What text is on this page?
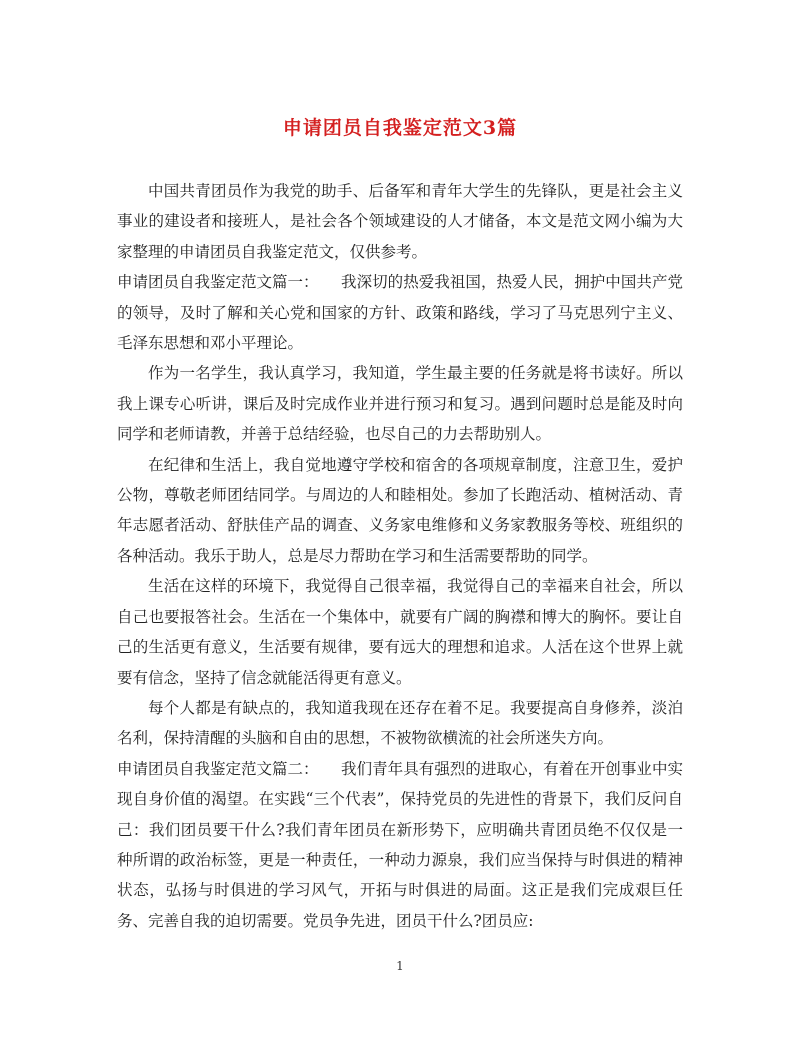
申请团员自我鉴定范文3篇

中国共青团员作为我党的助手、后备军和青年大学生的先锋队，更是社会主义事业的建设者和接班人，是社会各个领域建设的人才储备，本文是范文网小编为大家整理的申请团员自我鉴定范文，仅供参考。

申请团员自我鉴定范文篇一： 我深切的热爱我祖国，热爱人民，拥护中国共产党的领导，及时了解和关心党和国家的方针、政策和路线，学习了马克思列宁主义、毛泽东思想和邓小平理论。

作为一名学生，我认真学习，我知道，学生最主要的任务就是将书读好。所以我上课专心听讲，课后及时完成作业并进行预习和复习。遇到问题时总是能及时向同学和老师请教，并善于总结经验，也尽自己的力去帮助别人。

在纪律和生活上，我自觉地遵守学校和宿舍的各项规章制度，注意卫生，爱护公物，尊敬老师团结同学。与周边的人和睦相处。参加了长跑活动、植树活动、青年志愿者活动、舒肤佳产品的调查、义务家电维修和义务家教服务等校、班组织的各种活动。我乐于助人，总是尽力帮助在学习和生活需要帮助的同学。

生活在这样的环境下，我觉得自己很幸福，我觉得自己的幸福来自社会，所以自己也要报答社会。生活在一个集体中，就要有广阔的胸襟和博大的胸怀。要让自己的生活更有意义，生活要有规律，要有远大的理想和追求。人活在这个世界上就要有信念，坚持了信念就能活得更有意义。

每个人都是有缺点的，我知道我现在还存在着不足。我要提高自身修养，淡泊名利，保持清醒的头脑和自由的思想，不被物欲横流的社会所迷失方向。

申请团员自我鉴定范文篇二： 我们青年具有强烈的进取心，有着在开创事业中实现自身价值的渴望。在实践“三个代表”，保持党员的先进性的背景下，我们反问自己：我们团员要干什么?我们青年团员在新形势下，应明确共青团员绝不仅仅是一种所谓的政治标签，更是一种责任，一种动力源泉，我们应当保持与时俱进的精神状态，弘扬与时俱进的学习风气，开拓与时俱进的局面。这正是我们完成艰巨任务、完善自我的迫切需要。党员争先进，团员干什么?团员应:

1
